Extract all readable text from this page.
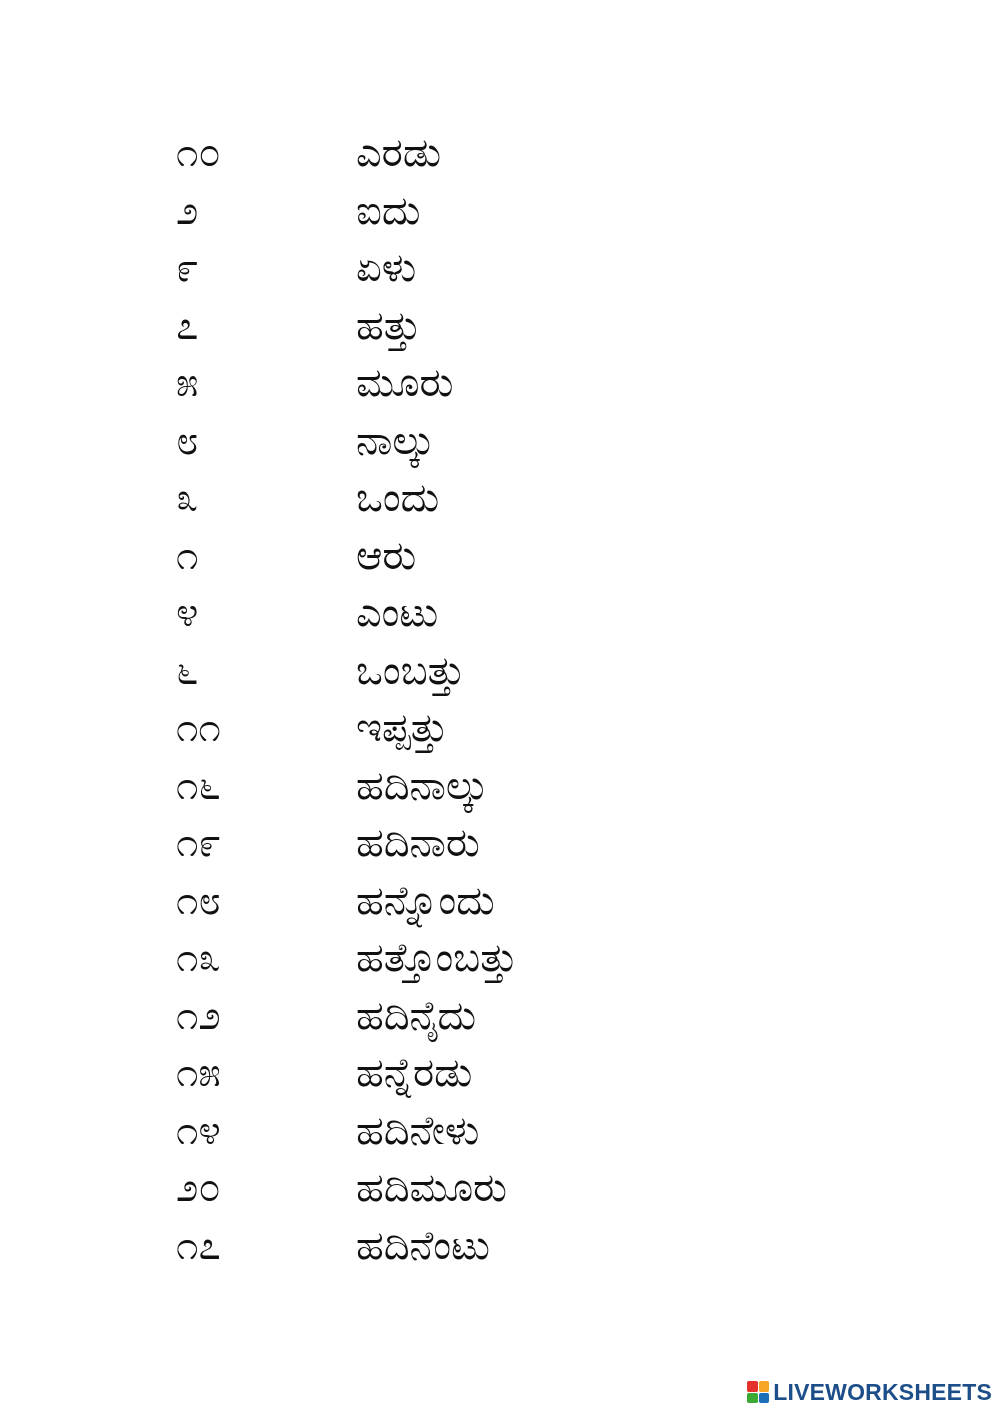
೧೦	ಎರಡು
೨	ಐದು
೯	ಏಳು
೭	ಹತ್ತು
೫	ಮೂರು
೮	ನಾಲ್ಕು
೩	ಒಂದು
೧	ಆರು
೪	ಎಂಟು
೬	ಒಂಬತ್ತು
೧೧	ಇಪ್ಪತ್ತು
೧೬	ಹದಿನಾಲ್ಕು
೧೯	ಹದಿನಾರು
೧೮	ಹನ್ನೊಂದು
೧೩	ಹತ್ತೊಂಬತ್ತು
೧೨	ಹದಿನೈದು
೧೫	ಹನ್ನೆರಡು
೧೪	ಹದಿನೇಳು
೨೦	ಹದಿಮೂರು
೧೭	ಹದಿನೆಂಟು
LIVEWORKSHEETS
